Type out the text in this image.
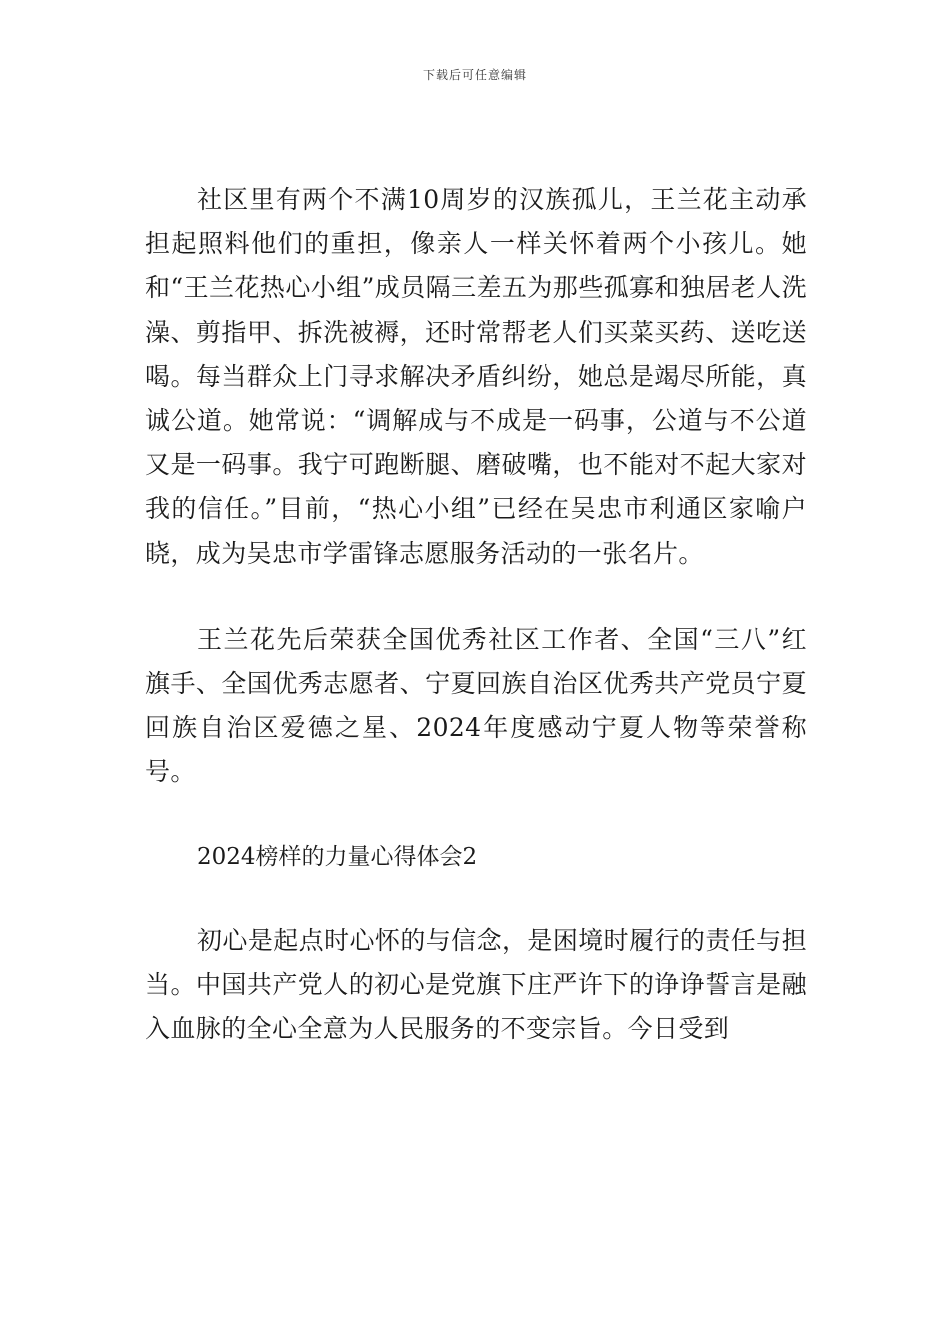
下载后可任意编辑

社区里有两个不满10周岁的汉族孤儿，王兰花主动承担起照料他们的重担，像亲人一样关怀着两个小孩儿。她和“王兰花热心小组”成员隔三差五为那些孤寡和独居老人洗澡、剪指甲、拆洗被褥，还时常帮老人们买菜买药、送吃送喝。每当群众上门寻求解决矛盾纠纷，她总是竭尽所能，真诚公道。她常说：“调解成与不成是一码事，公道与不公道又是一码事。我宁可跑断腿、磨破嘴，也不能对不起大家对我的信任。”目前，“热心小组”已经在吴忠市利通区家喻户晓，成为吴忠市学雷锋志愿服务活动的一张名片。

王兰花先后荣获全国优秀社区工作者、全国“三八”红旗手、全国优秀志愿者、宁夏回族自治区优秀共产党员宁夏回族自治区爱德之星、2024年度感动宁夏人物等荣誉称号。

2024榜样的力量心得体会2

初心是起点时心怀的与信念，是困境时履行的责任与担当。中国共产党人的初心是党旗下庄严许下的诤诤誓言是融入血脉的全心全意为人民服务的不变宗旨。今日受到
